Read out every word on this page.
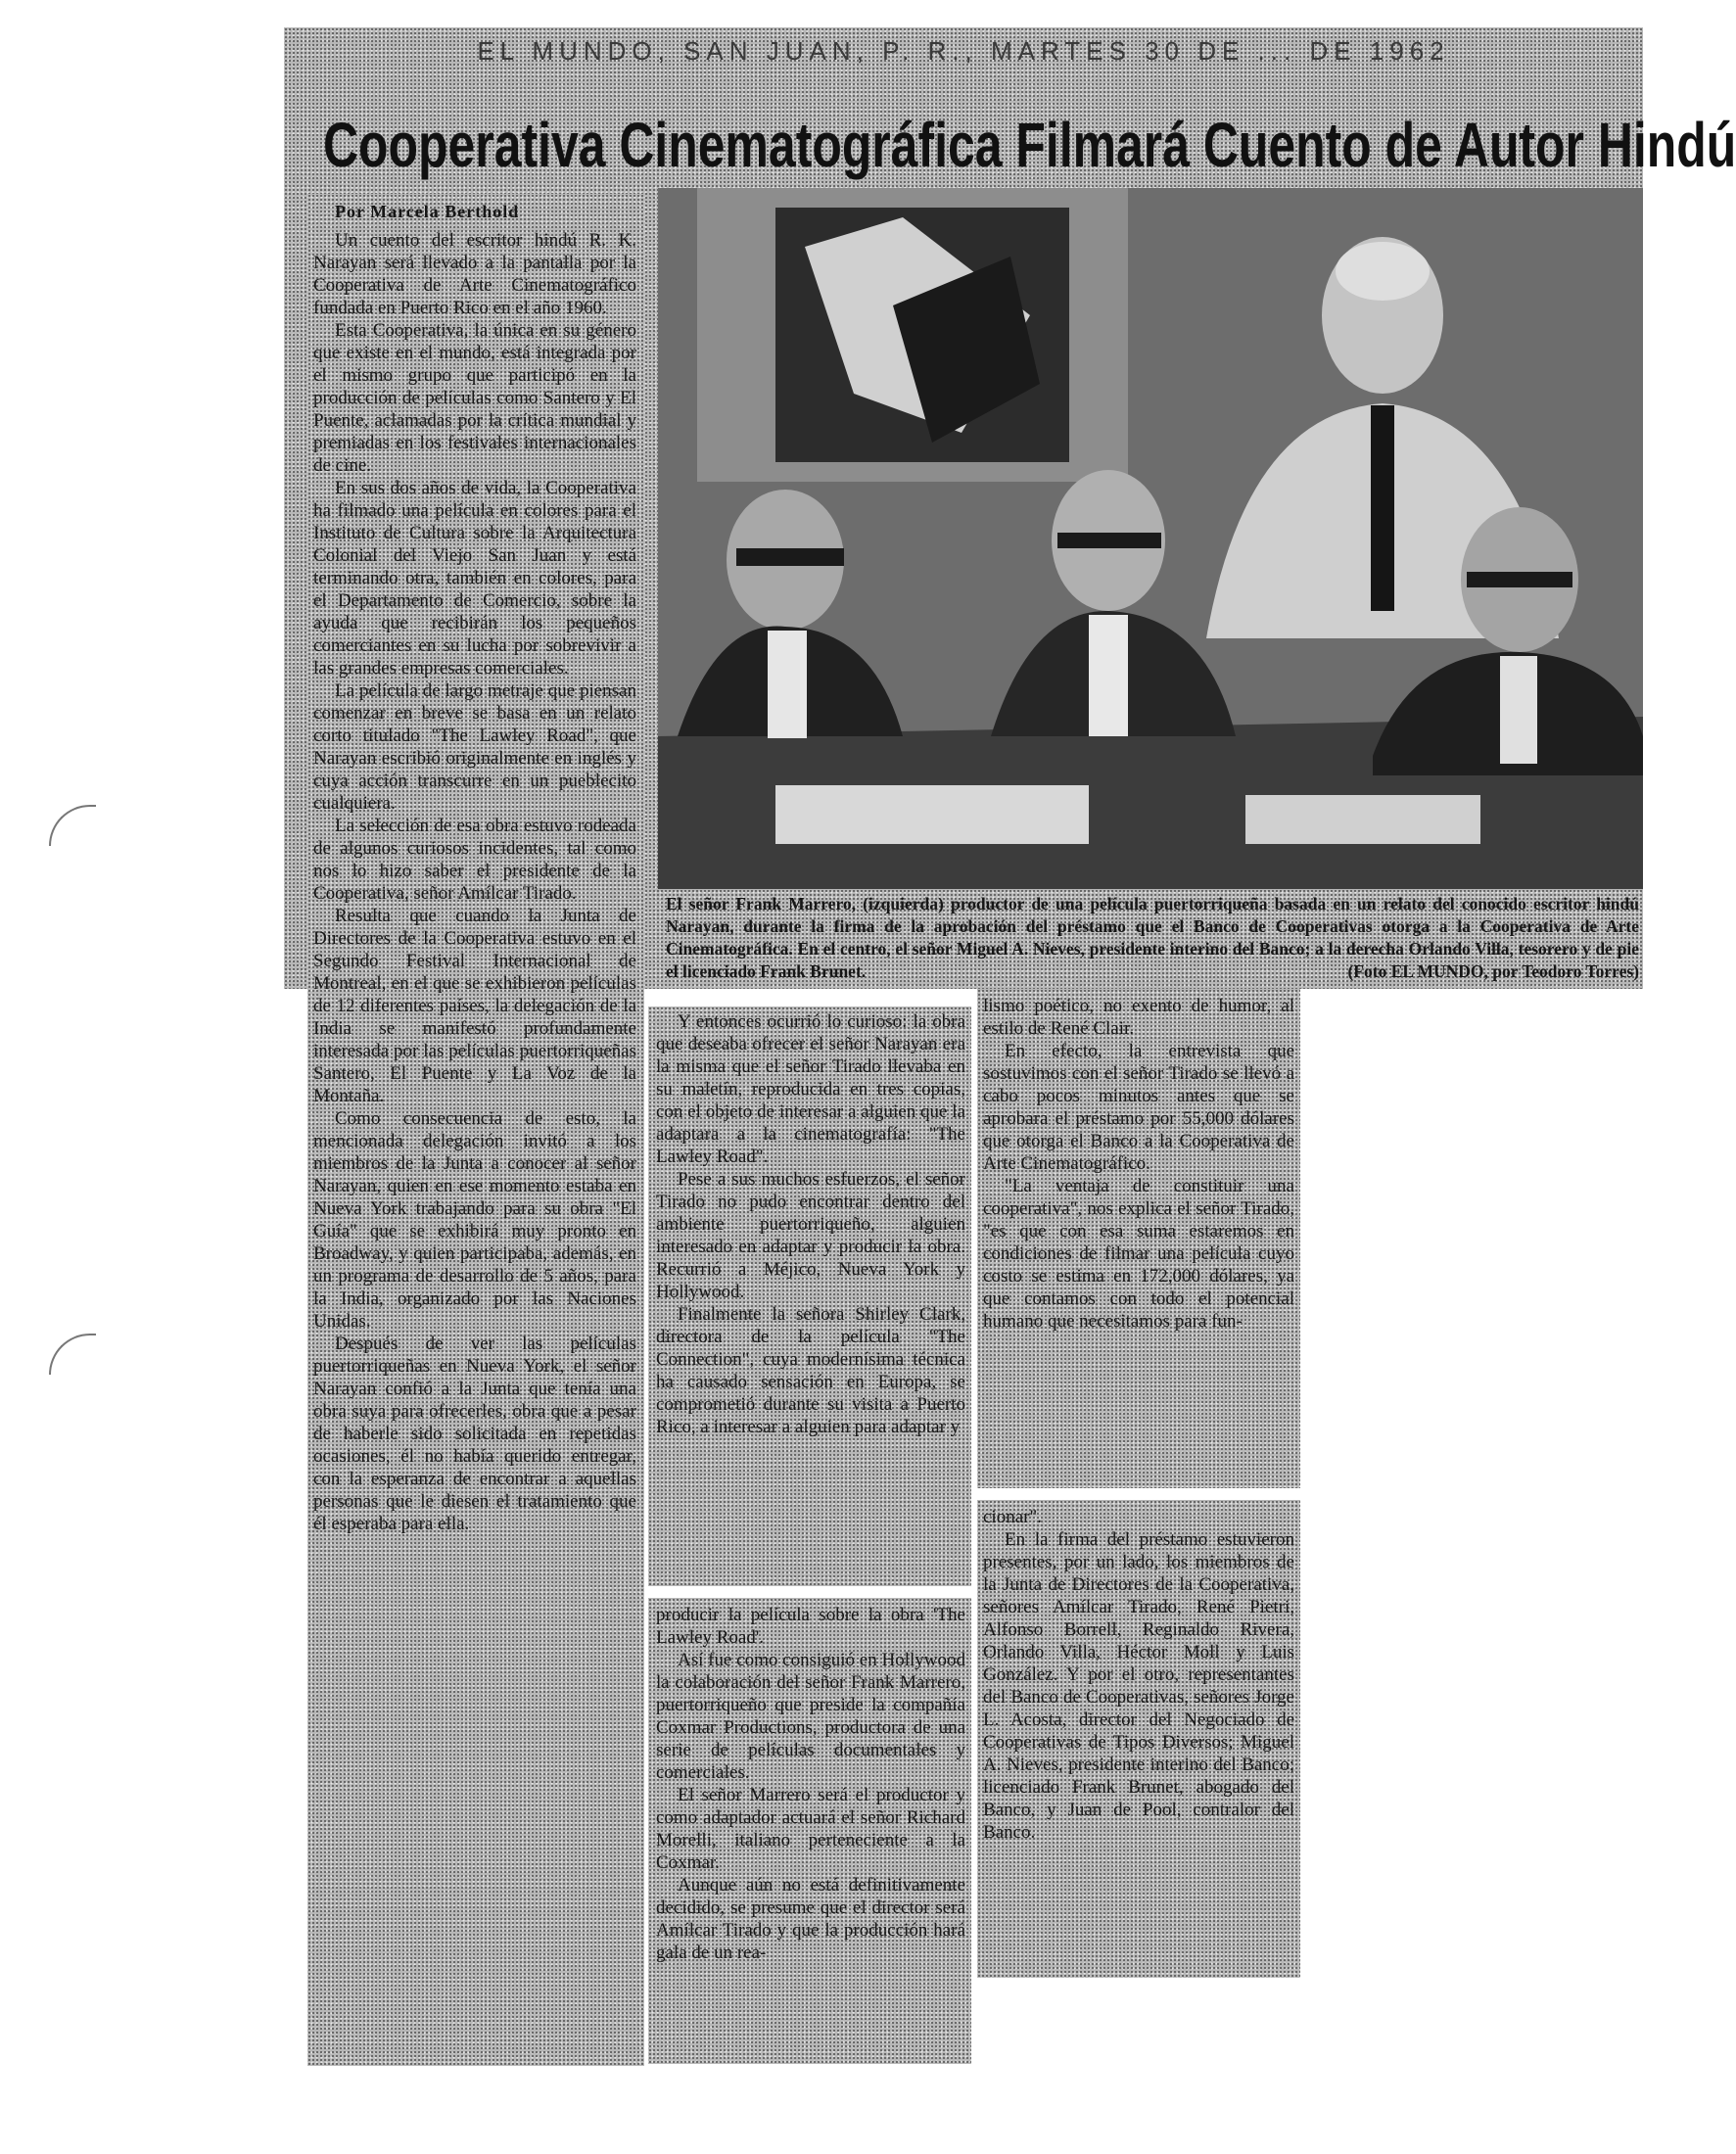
EL MUNDO, SAN JUAN, P. R., MARTES 30 DE ... DE 1962
Cooperativa Cinematográfica Filmará Cuento de Autor Hindú
Por Marcela Berthold
El señor Frank Marrero, (izquierda) productor de una película puertorriqueña basada en un relato del conocido escritor hindú Narayan, durante la firma de la aprobación del préstamo que el Banco de Cooperativas otorga a la Cooperativa de Arte Cinematográfica. En el centro, el señor Miguel A. Nieves, presidente interino del Banco; a la derecha Orlando Villa, tesorero y de pie el licenciado Frank Brunet.	(Foto EL MUNDO, por Teodoro Torres)

Un cuento del escritor hindú R. K. Narayan será llevado a la pantalla por la Cooperativa de Arte Cinematográfico fundada en Puerto Rico en el año 1960.

Esta Cooperativa, la única en su género que existe en el mundo, está integrada por el mismo grupo que participó en la producción de películas como Santero y El Puente, aclamadas por la crítica mundial y premiadas en los festivales internacionales de cine.

En sus dos años de vida, la Cooperativa ha filmado una película en colores para el Instituto de Cultura sobre la Arquitectura Colonial del Viejo San Juan y está terminando otra, también en colores, para el Departamento de Comercio, sobre la ayuda que recibirán los pequeños comerciantes en su lucha por sobrevivir a las grandes empresas comerciales.

La película de largo metraje que piensan comenzar en breve se basa en un relato corto titulado "The Lawley Road", que Narayan escribió originalmente en inglés y cuya acción transcurre en un pueblecito cualquiera.

La selección de esa obra estuvo rodeada de algunos curiosos incidentes, tal como nos lo hizo saber el presidente de la Cooperativa, señor Amílcar Tirado.

Resulta que cuando la Junta de Directores de la Cooperativa estuvo en el Segundo Festival Internacional de Montreal, en el que se exhibieron películas de 12 diferentes países, la delegación de la India se manifestó profundamente interesada por las películas puertorriqueñas Santero, El Puente y La Voz de la Montaña.

Como consecuencia de esto, la mencionada delegación invitó a los miembros de la Junta a conocer al señor Narayan, quien en ese momento estaba en Nueva York trabajando para su obra "El Guía" que se exhibirá muy pronto en Broadway, y quien participaba, además, en un programa de desarrollo de 5 años, para la India, organizado por las Naciones Unidas.

Después de ver las películas puertorriqueñas en Nueva York, el señor Narayan confió a la Junta que tenía una obra suya para ofrecerles, obra que a pesar de haberle sido solicitada en repetidas ocasiones, él no había querido entregar, con la esperanza de encontrar a aquellas personas que le diesen el tratamiento que él esperaba para ella.

Y entonces ocurrió lo curioso: la obra que deseaba ofrecer el señor Narayan era la misma que el señor Tirado llevaba en su maletín, reproducida en tres copias, con el objeto de interesar a alguien que la adaptara a la cinematografía: "The Lawley Road".

Pese a sus muchos esfuerzos, el señor Tirado no pudo encontrar dentro del ambiente puertorriqueño, alguien interesado en adaptar y producir la obra. Recurrió a Méjico, Nueva York y Hollywood.

Finalmente la señora Shirley Clark, directora de la película "The Connection", cuya modernísima técnica ha causado sensación en Europa, se comprometió durante su visita a Puerto Rico, a interesar a alguien para adaptar y

producir la película sobre la obra 'The Lawley Road'.

Así fue como consiguió en Hollywood la colaboración del señor Frank Marrero, puertorriqueño que preside la compañía Coxmar Productions, productora de una serie de películas documentales y comerciales.

El señor Marrero será el productor y como adaptador actuará el señor Richard Morelli, italiano perteneciente a la Coxmar.

Aunque aún no está definitivamente decidido, se presume que el director será Amílcar Tirado y que la producción hará gala de un rea-

lismo poético, no exento de humor, al estilo de René Clair.

En efecto, la entrevista que sostuvimos con el señor Tirado se llevó a cabo pocos minutos antes que se aprobara el préstamo por 55,000 dólares que otorga el Banco a la Cooperativa de Arte Cinematográfico.

"La ventaja de constituir una cooperativa", nos explica el señor Tirado, "es que con esa suma estaremos en condiciones de filmar una película cuyo costo se estima en 172,000 dólares, ya que contamos con todo el potencial humano que necesitamos para fun-

cionar".

En la firma del préstamo estuvieron presentes, por un lado, los miembros de la Junta de Directores de la Cooperativa, señores Amílcar Tirado, René Pietri, Alfonso Borrell, Reginaldo Rivera, Orlando Villa, Héctor Moll y Luis González. Y por el otro, representantes del Banco de Cooperativas, señores Jorge L. Acosta, director del Negociado de Cooperativas de Tipos Diversos; Miguel A. Nieves, presidente interino del Banco; licenciado Frank Brunet, abogado del Banco, y Juan de Pool, contralor del Banco.
